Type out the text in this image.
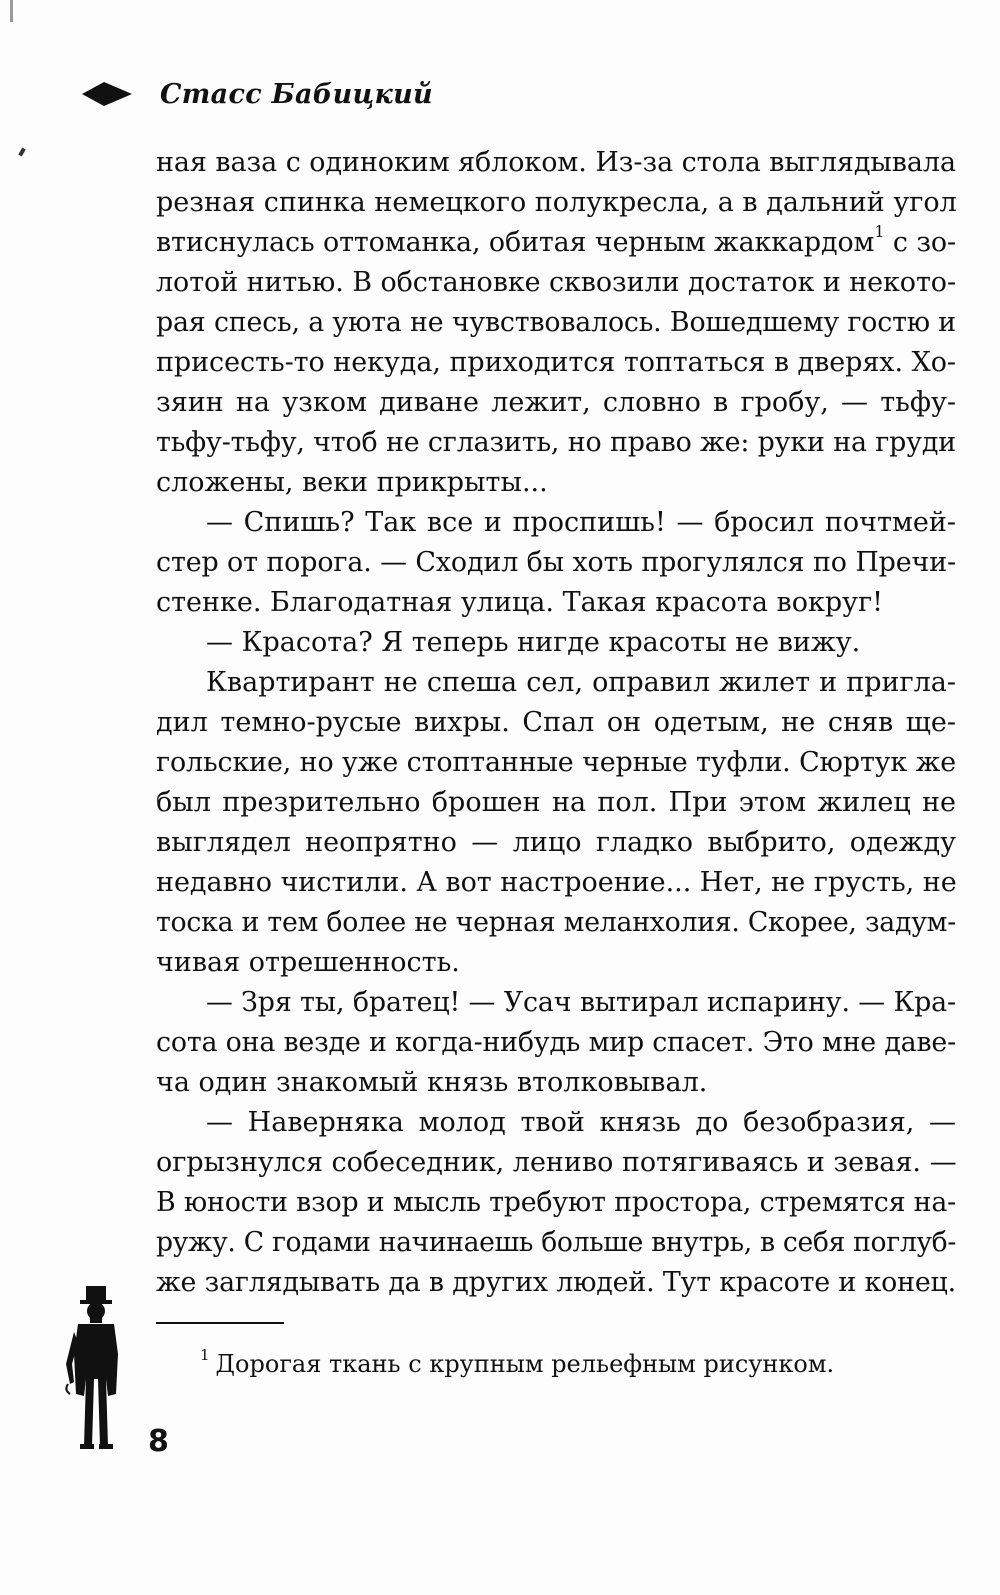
Стасс Бабицкий
ная ваза с одиноким яблоком. Из-за стола выглядывала
резная спинка немецкого полукресла, а в дальний угол
втиснулась оттоманка, обитая черным жаккардом$^1$ с зо-
лотой нитью. В обстановке сквозили достаток и некото-
рая спесь, а уюта не чувствовалось. Вошедшему гостю и
присесть-то некуда, приходится топтаться в дверях. Хо-
зяин на узком диване лежит, словно в гробу, — тьфу-
тьфу-тьфу, чтоб не сглазить, но право же: руки на груди
сложены, веки прикрыты...
— Спишь? Так все и проспишь! — бросил почтмей-
стер от порога. — Сходил бы хоть прогулялся по Пречи-
стенке. Благодатная улица. Такая красота вокруг!
— Красота? Я теперь нигде красоты не вижу.
Квартирант не спеша сел, оправил жилет и пригла-
дил темно-русые вихры. Спал он одетым, не сняв ще-
гольские, но уже стоптанные черные туфли. Сюртук же
был презрительно брошен на пол. При этом жилец не
выглядел неопрятно — лицо гладко выбрито, одежду
недавно чистили. А вот настроение... Нет, не грусть, не
тоска и тем более не черная меланхолия. Скорее, задум-
чивая отрешенность.
— Зря ты, братец! — Усач вытирал испарину. — Кра-
сота она везде и когда-нибудь мир спасет. Это мне даве-
ча один знакомый князь втолковывал.
— Наверняка молод твой князь до безобразия, —
огрызнулся собеседник, лениво потягиваясь и зевая. —
В юности взор и мысль требуют простора, стремятся на-
ружу. С годами начинаешь больше внутрь, в себя поглуб-
же заглядывать да в других людей. Тут красоте и конец.
$^1$ Дорогая ткань с крупным рельефным рисунком.
8
